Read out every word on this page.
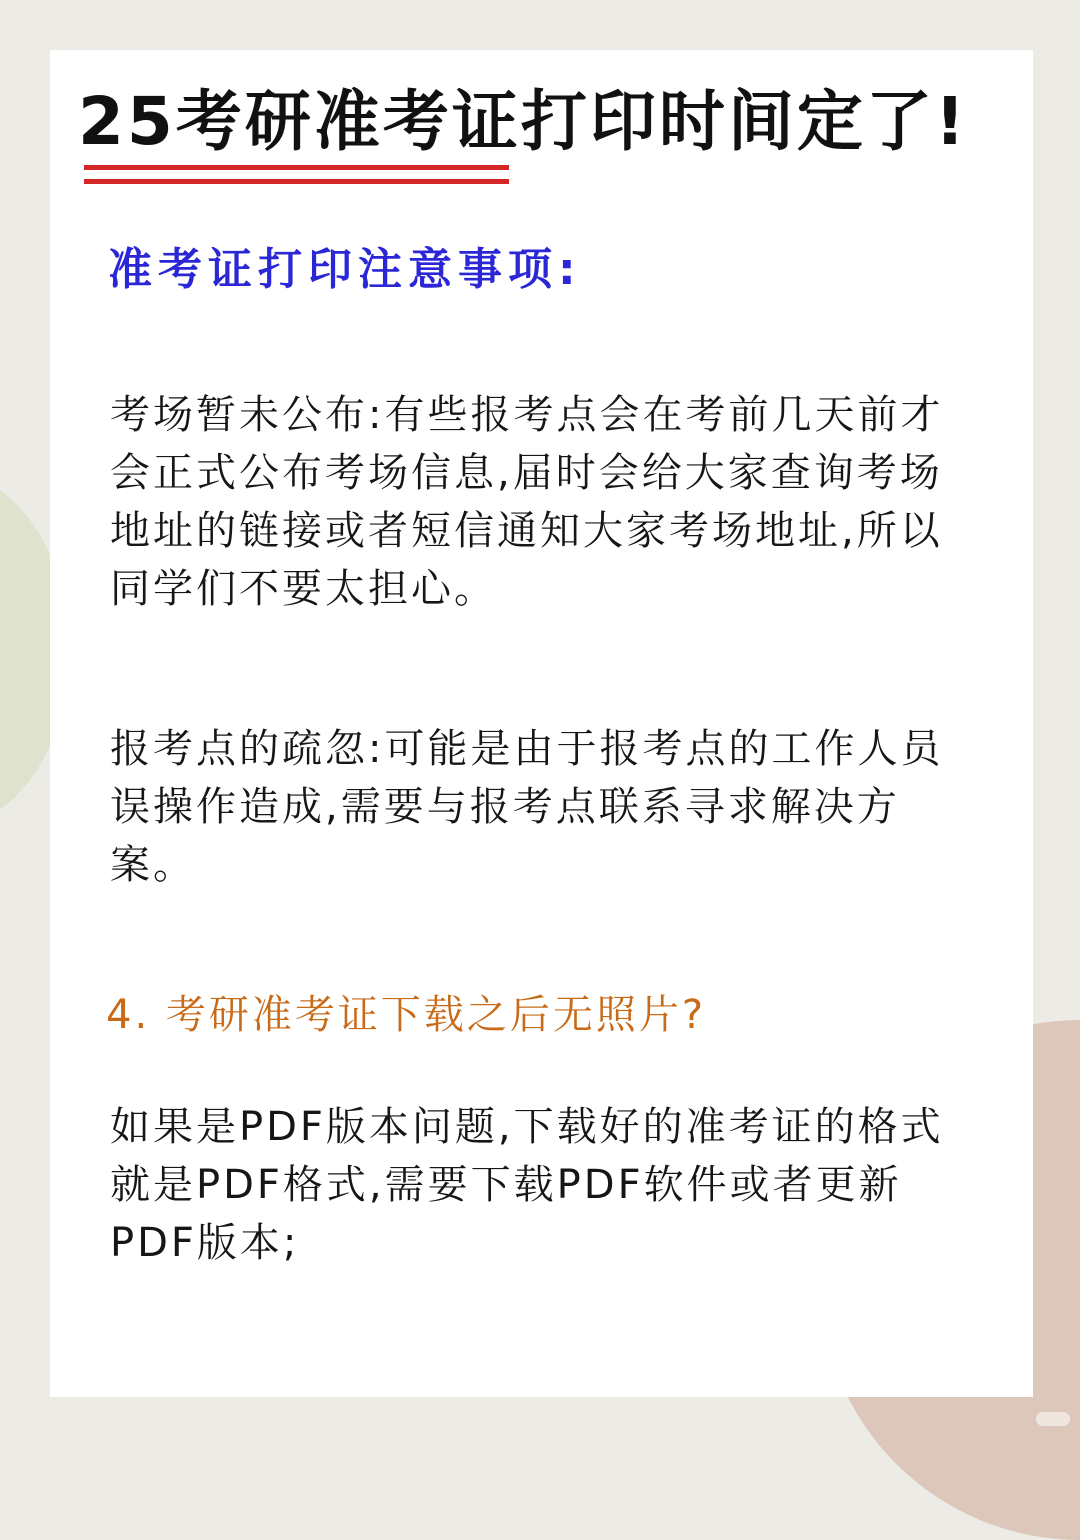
25考研准考证打印时间定了!
准考证打印注意事项:

考场暂未公布:有些报考点会在考前几天前才会正式公布考场信息,届时会给大家查询考场地址的链接或者短信通知大家考场地址,所以同学们不要太担心。

报考点的疏忽:可能是由于报考点的工作人员误操作造成,需要与报考点联系寻求解决方案。

4. 考研准考证下载之后无照片?

如果是PDF版本问题,下载好的准考证的格式就是PDF格式,需要下载PDF软件或者更新PDF版本;
